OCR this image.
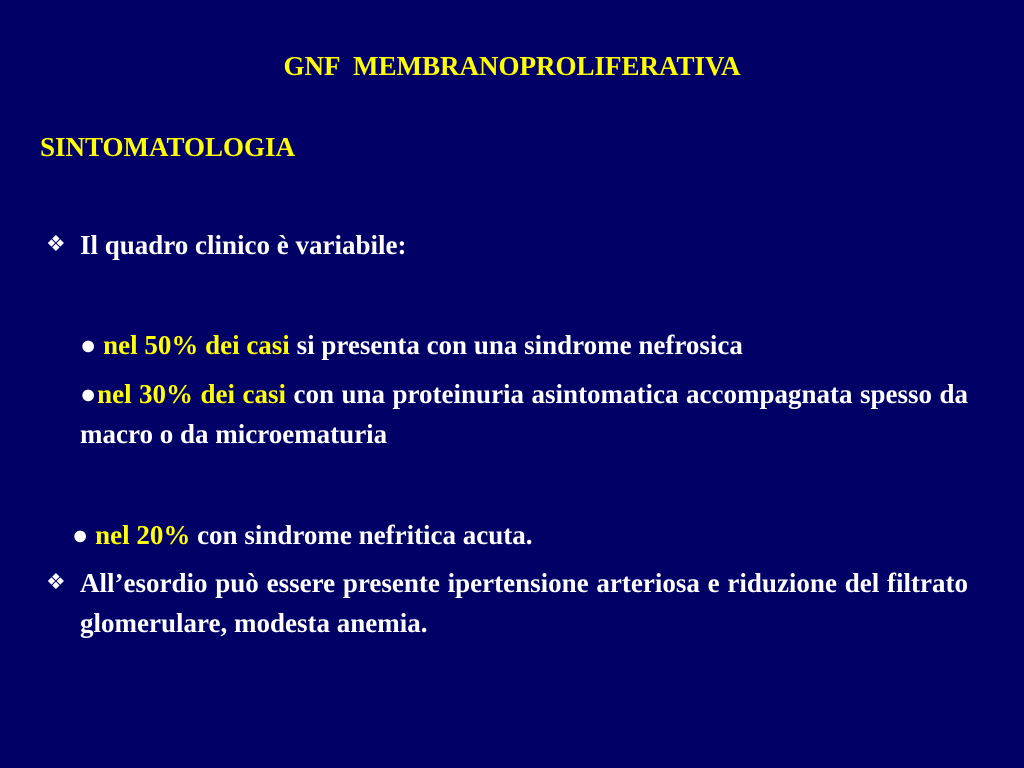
GNF  MEMBRANOPROLIFERATIVA
SINTOMATOLOGIA
❖ Il quadro clinico è variabile:
● nel 50% dei casi si presenta con una sindrome nefrosica
●nel 30% dei casi con una proteinuria asintomatica accompagnata spesso da macro o da microematuria
● nel 20% con sindrome nefritica acuta.
❖ All’esordio può essere presente ipertensione arteriosa e riduzione del filtrato glomerulare, modesta anemia.
